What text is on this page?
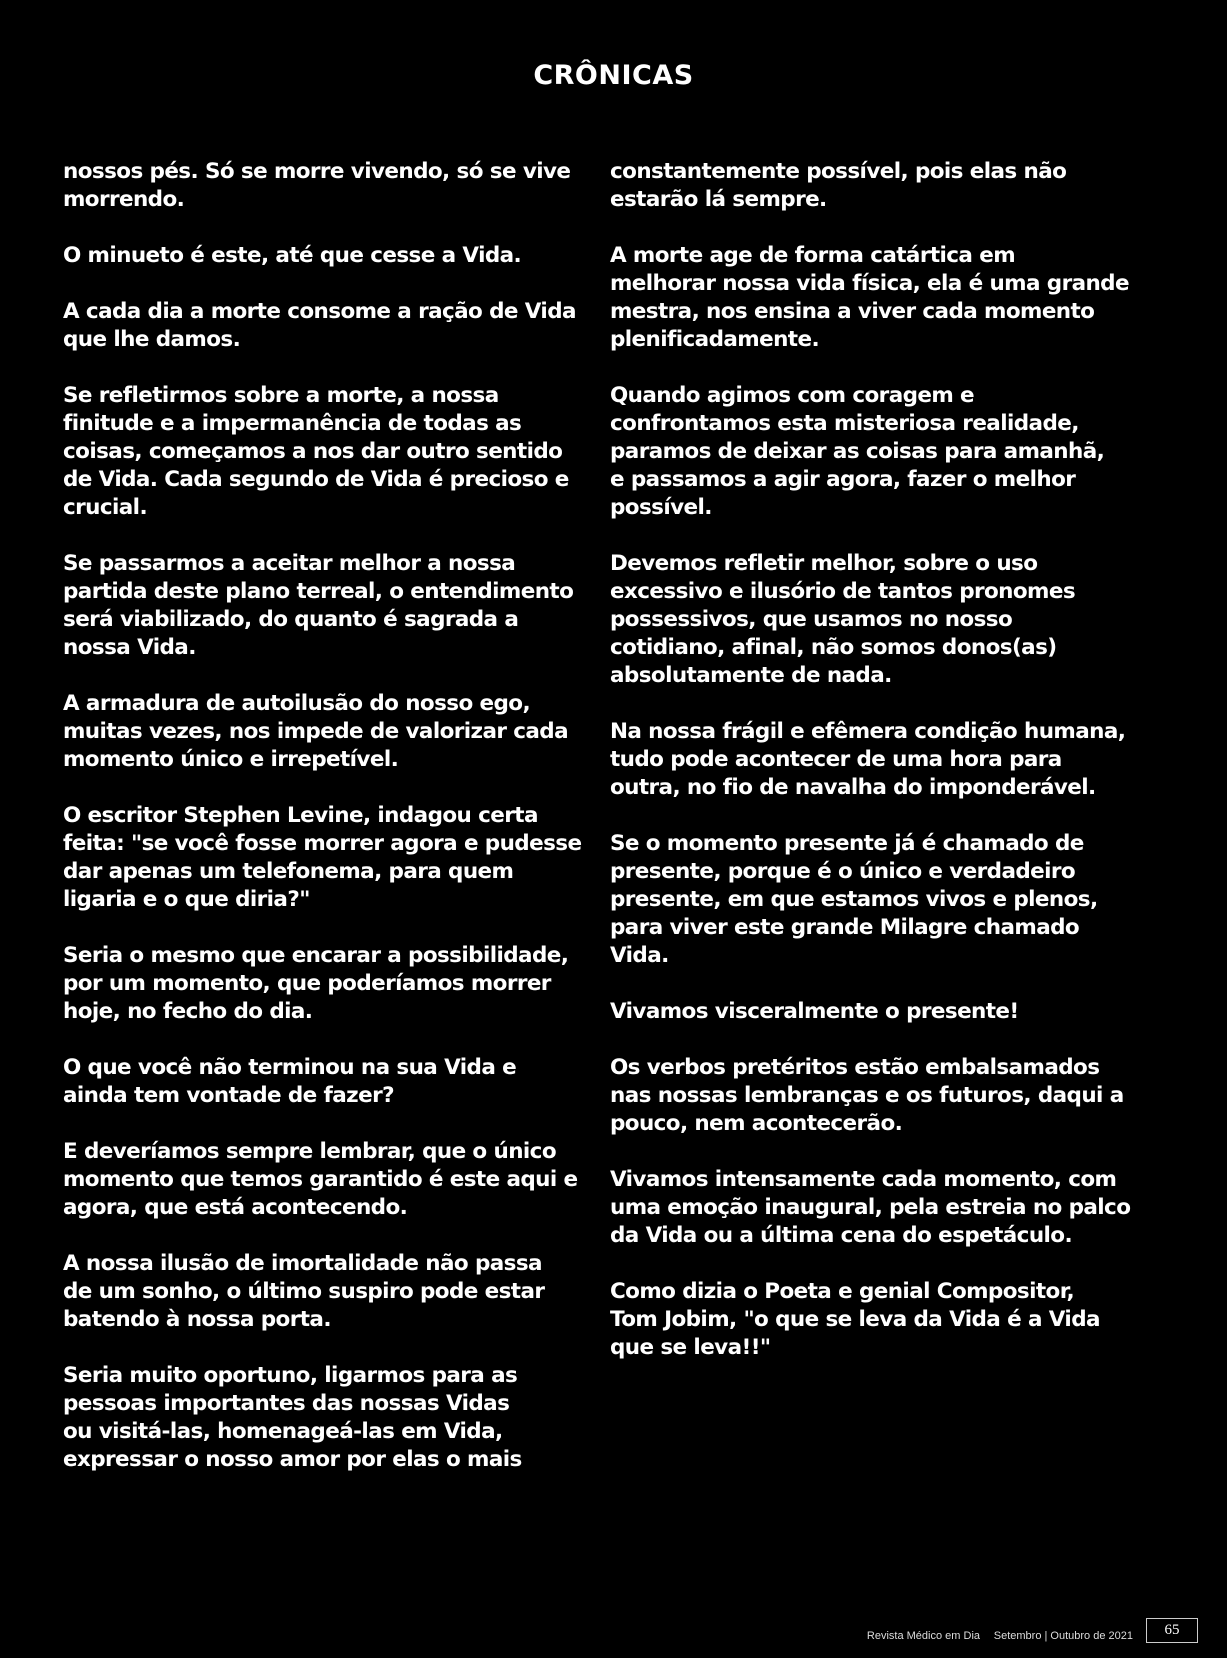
CRÔNICAS

nossos pés. Só se morre vivendo, só se vive
morrendo.

O minueto é este, até que cesse a Vida.

A cada dia a morte consome a ração de Vida
que lhe damos.

Se refletirmos sobre a morte, a nossa
finitude e a impermanência de todas as
coisas, começamos a nos dar outro sentido
de Vida. Cada segundo de Vida é precioso e
crucial.

Se passarmos a aceitar melhor a nossa
partida deste plano terreal, o entendimento
será viabilizado, do quanto é sagrada a
nossa Vida.

A armadura de autoilusão do nosso ego,
muitas vezes, nos impede de valorizar cada
momento único e irrepetível.

O escritor Stephen Levine, indagou certa
feita: "se você fosse morrer agora e pudesse
dar apenas um telefonema, para quem
ligaria e o que diria?"

Seria o mesmo que encarar a possibilidade,
por um momento, que poderíamos morrer
hoje, no fecho do dia.

O que você não terminou na sua Vida e
ainda tem vontade de fazer?

E deveríamos sempre lembrar, que o único
momento que temos garantido é este aqui e
agora, que está acontecendo.

A nossa ilusão de imortalidade não passa
de um sonho, o último suspiro pode estar
batendo à nossa porta.

Seria muito oportuno, ligarmos para as
pessoas importantes das nossas Vidas
ou visitá-las, homenageá-las em Vida,
expressar o nosso amor por elas o mais

constantemente possível, pois elas não
estarão lá sempre.

A morte age de forma catártica em
melhorar nossa vida física, ela é uma grande
mestra, nos ensina a viver cada momento
plenificadamente.

Quando agimos com coragem e
confrontamos esta misteriosa realidade,
paramos de deixar as coisas para amanhã,
e passamos a agir agora, fazer o melhor
possível.

Devemos refletir melhor, sobre o uso
excessivo e ilusório de tantos pronomes
possessivos, que usamos no nosso
cotidiano, afinal, não somos donos(as)
absolutamente de nada.

Na nossa frágil e efêmera condição humana,
tudo pode acontecer de uma hora para
outra, no fio de navalha do imponderável.

Se o momento presente já é chamado de
presente, porque é o único e verdadeiro
presente, em que estamos vivos e plenos,
para viver este grande Milagre chamado
Vida.

Vivamos visceralmente o presente!

Os verbos pretéritos estão embalsamados
nas nossas lembranças e os futuros, daqui a
pouco, nem acontecerão.

Vivamos intensamente cada momento, com
uma emoção inaugural, pela estreia no palco
da Vida ou a última cena do espetáculo.

Como dizia o Poeta e genial Compositor,
Tom Jobim, "o que se leva da Vida é a Vida
que se leva!!"

Revista Médico em Dia Setembro | Outubro de 2021	65
